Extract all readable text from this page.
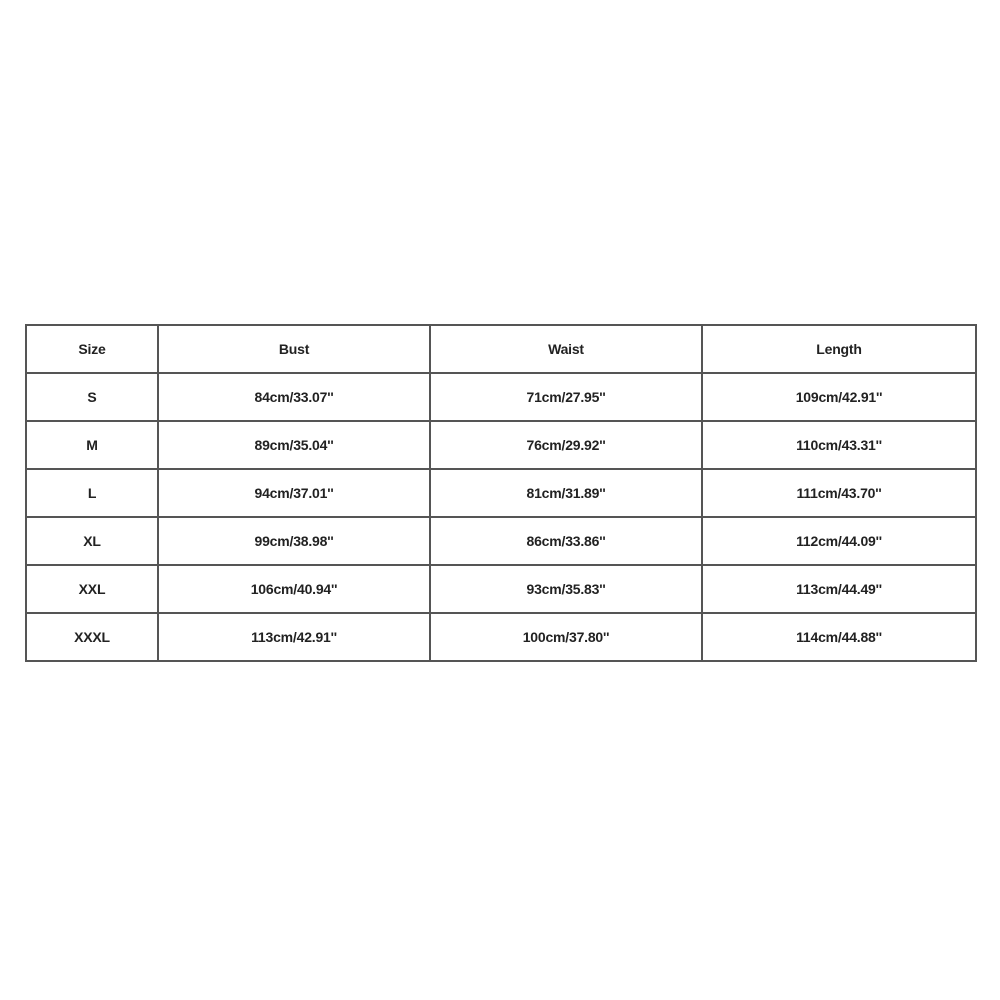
Size	Bust	Waist	Length
S	84cm/33.07''	71cm/27.95''	109cm/42.91''
M	89cm/35.04''	76cm/29.92''	110cm/43.31''
L	94cm/37.01''	81cm/31.89''	111cm/43.70''
XL	99cm/38.98''	86cm/33.86''	112cm/44.09''
XXL	106cm/40.94''	93cm/35.83''	113cm/44.49''
XXXL	113cm/42.91''	100cm/37.80''	114cm/44.88''
